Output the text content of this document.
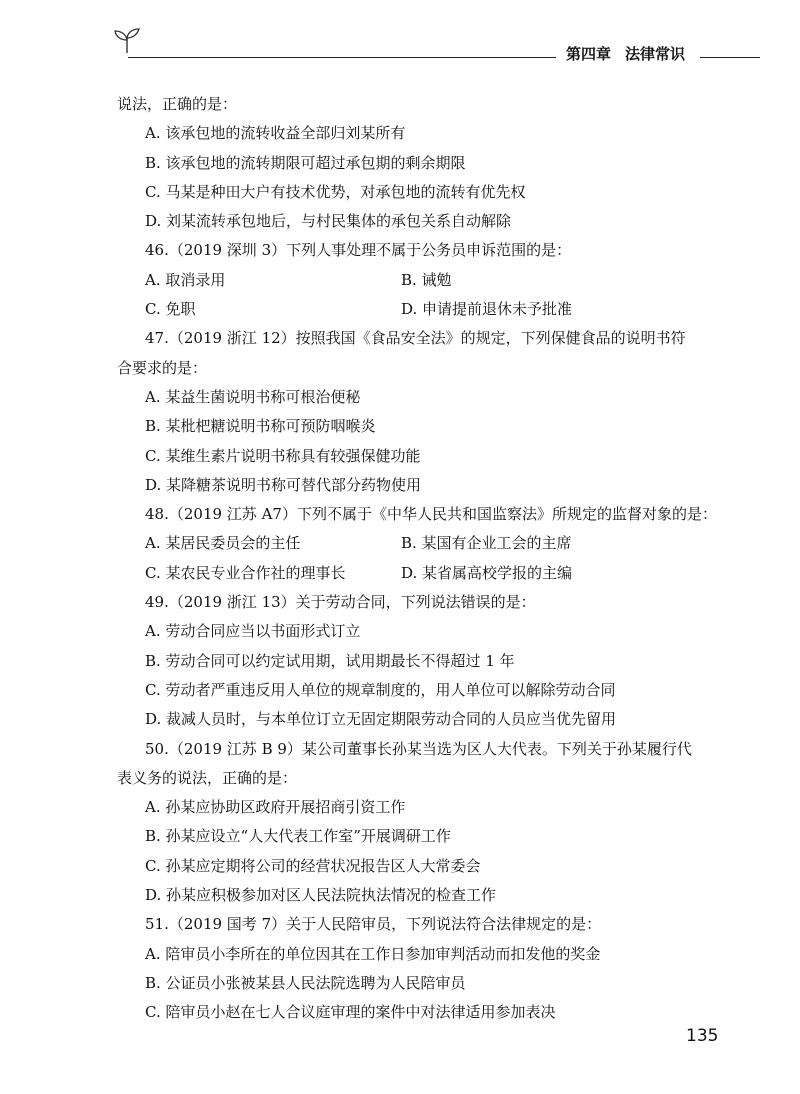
第四章 法律常识
说法，正确的是：
A. 该承包地的流转收益全部归刘某所有
B. 该承包地的流转期限可超过承包期的剩余期限
C. 马某是种田大户有技术优势，对承包地的流转有优先权
D. 刘某流转承包地后，与村民集体的承包关系自动解除
46.（2019 深圳 3）下列人事处理不属于公务员申诉范围的是：
A. 取消录用	B. 诫勉
C. 免职	D. 申请提前退休未予批准
47.（2019 浙江 12）按照我国《食品安全法》的规定，下列保健食品的说明书符
合要求的是：
A. 某益生菌说明书称可根治便秘
B. 某枇杷糖说明书称可预防咽喉炎
C. 某维生素片说明书称具有较强保健功能
D. 某降糖茶说明书称可替代部分药物使用
48.（2019 江苏 A7）下列不属于《中华人民共和国监察法》所规定的监督对象的是：
A. 某居民委员会的主任	B. 某国有企业工会的主席
C. 某农民专业合作社的理事长	D. 某省属高校学报的主编
49.（2019 浙江 13）关于劳动合同，下列说法错误的是：
A. 劳动合同应当以书面形式订立
B. 劳动合同可以约定试用期，试用期最长不得超过 1 年
C. 劳动者严重违反用人单位的规章制度的，用人单位可以解除劳动合同
D. 裁减人员时，与本单位订立无固定期限劳动合同的人员应当优先留用
50.（2019 江苏 B 9）某公司董事长孙某当选为区人大代表。下列关于孙某履行代
表义务的说法，正确的是：
A. 孙某应协助区政府开展招商引资工作
B. 孙某应设立“人大代表工作室”开展调研工作
C. 孙某应定期将公司的经营状况报告区人大常委会
D. 孙某应积极参加对区人民法院执法情况的检查工作
51.（2019 国考 7）关于人民陪审员，下列说法符合法律规定的是：
A. 陪审员小李所在的单位因其在工作日参加审判活动而扣发他的奖金
B. 公证员小张被某县人民法院选聘为人民陪审员
C. 陪审员小赵在七人合议庭审理的案件中对法律适用参加表决
135
